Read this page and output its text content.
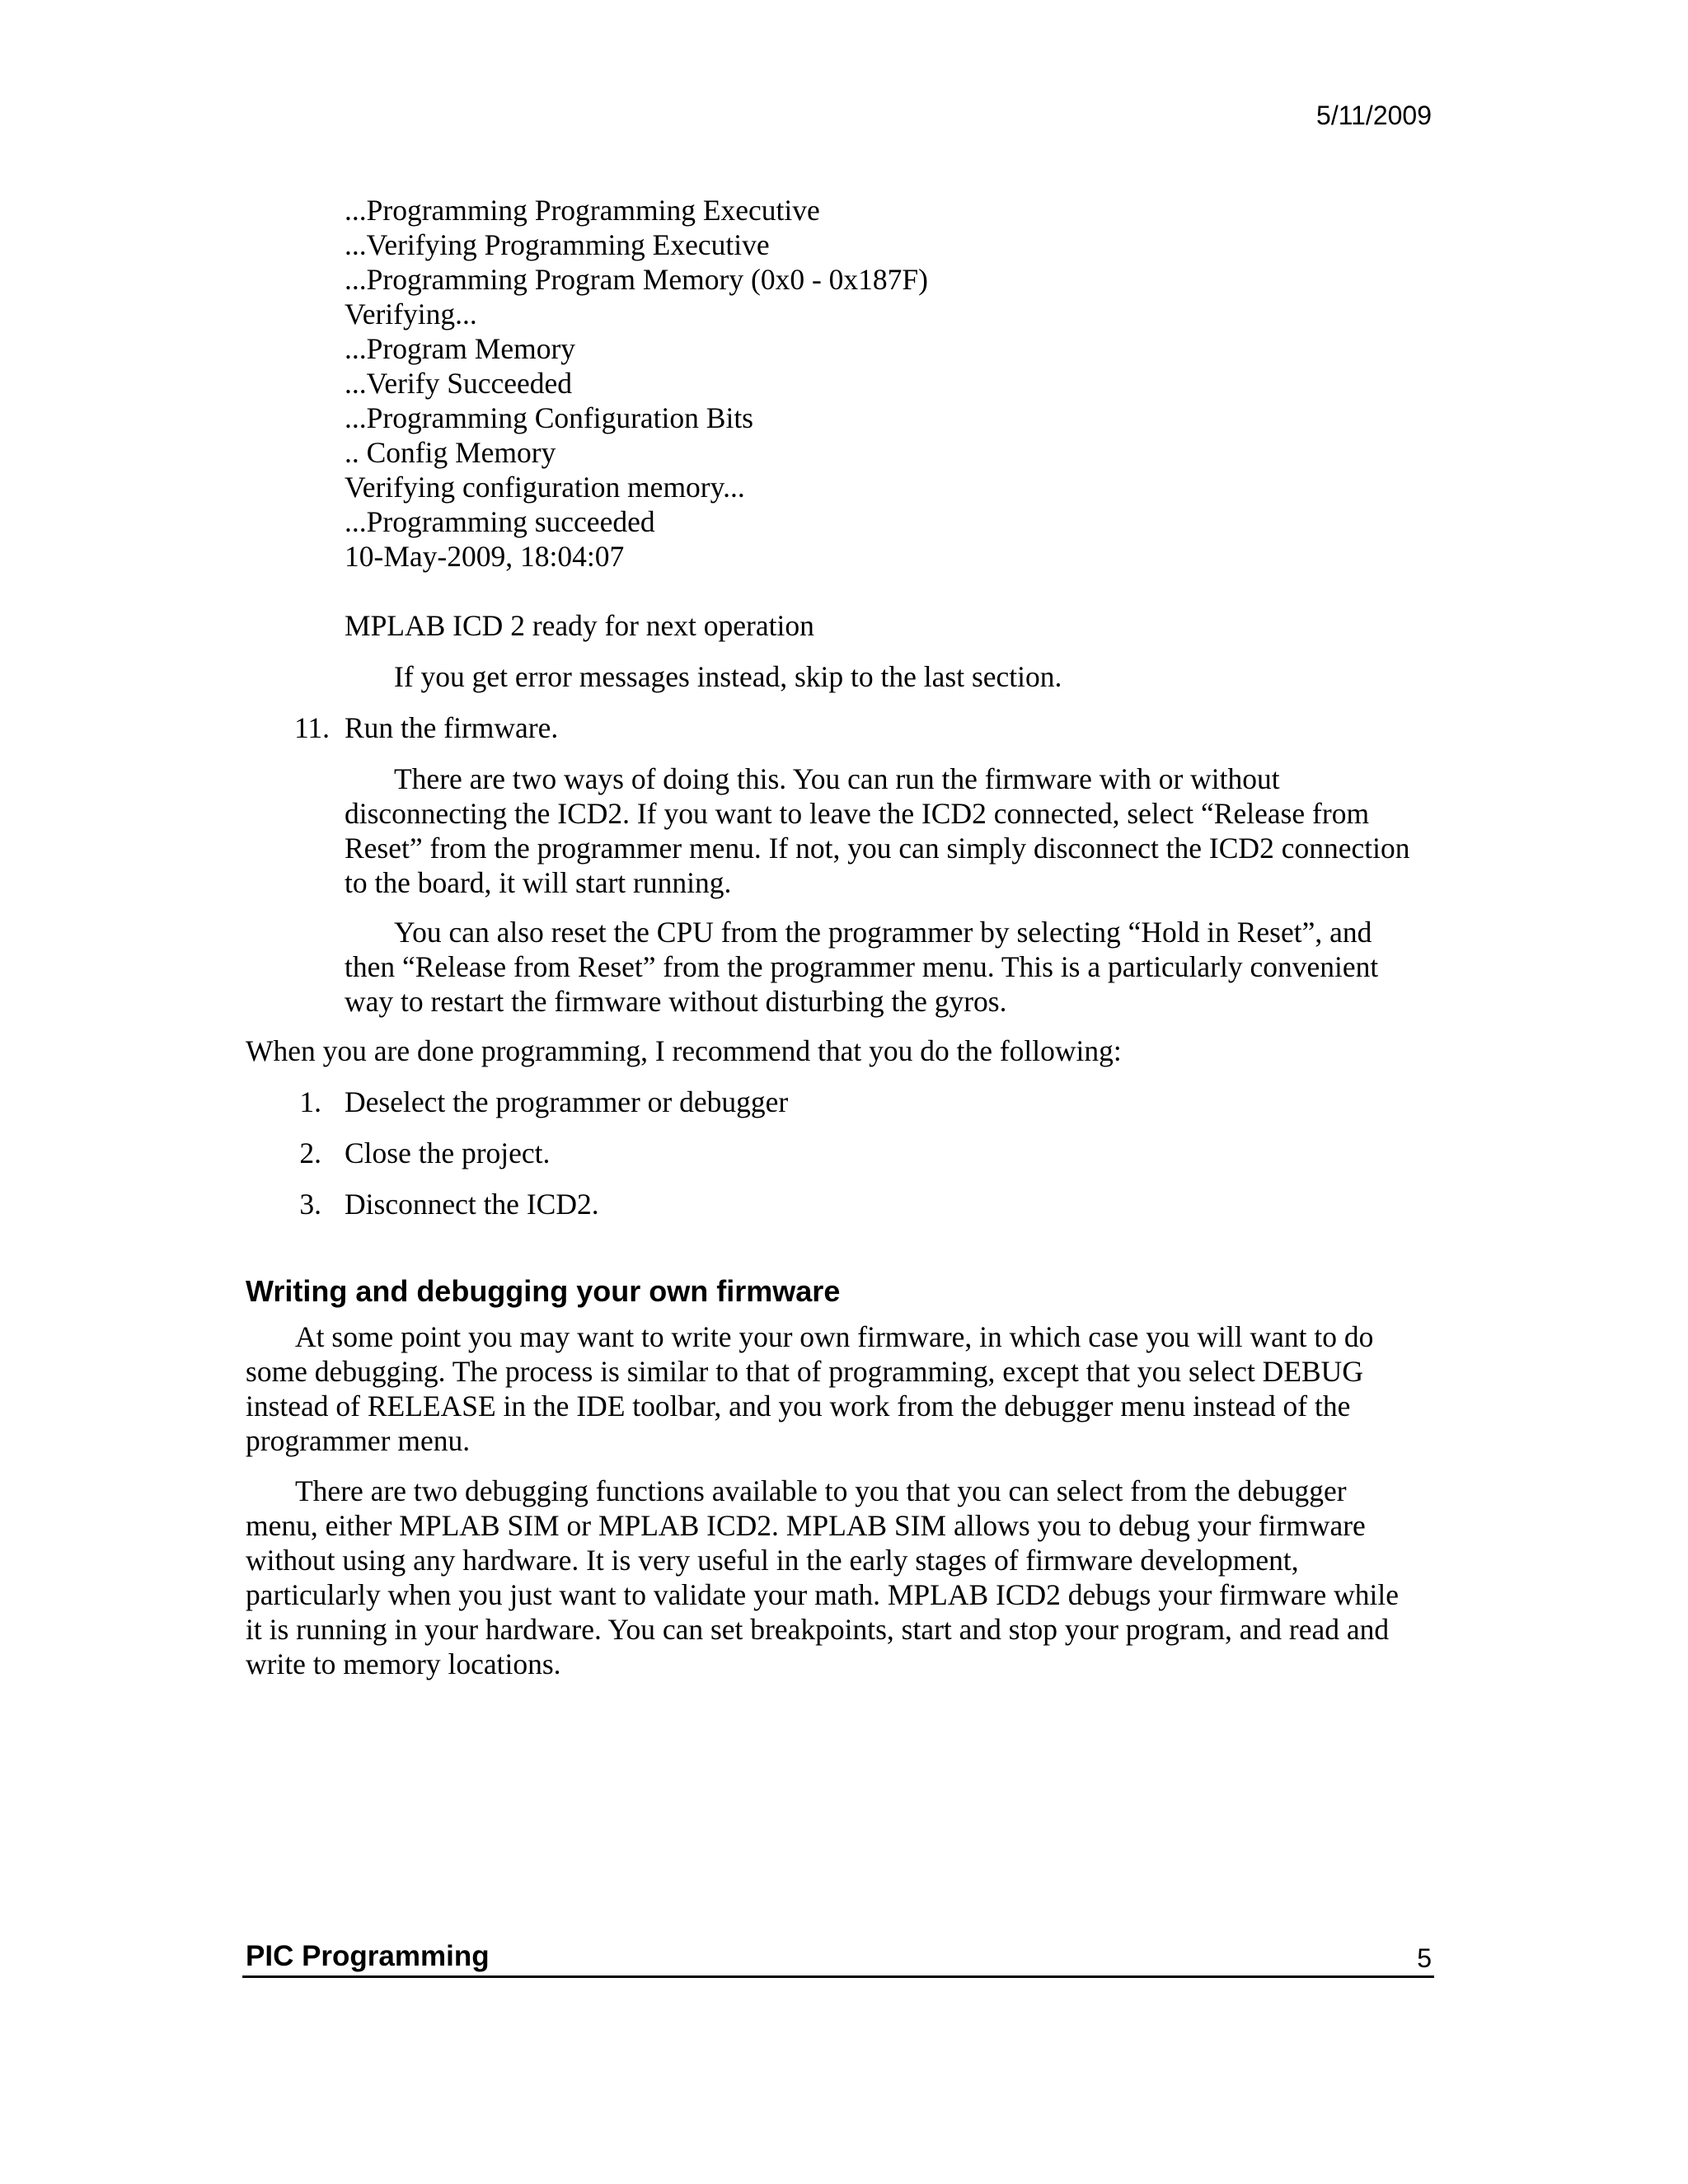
5/11/2009
...Programming Programming Executive
...Verifying Programming Executive
...Programming Program Memory (0x0 - 0x187F)
Verifying...
...Program Memory
...Verify Succeeded
...Programming Configuration Bits
.. Config Memory
Verifying configuration memory...
...Programming succeeded
10-May-2009, 18:04:07
MPLAB ICD 2 ready for next operation
If you get error messages instead, skip to the last section.
11. Run the firmware.

There are two ways of doing this. You can run the firmware with or without disconnecting the ICD2. If you want to leave the ICD2 connected, select “Release from Reset” from the programmer menu. If not, you can simply disconnect the ICD2 connection to the board, it will start running.

You can also reset the CPU from the programmer by selecting “Hold in Reset”, and then “Release from Reset” from the programmer menu. This is a particularly convenient way to restart the firmware without disturbing the gyros.

When you are done programming, I recommend that you do the following:
1. Deselect the programmer or debugger
2. Close the project.
3. Disconnect the ICD2.
Writing and debugging your own firmware

At some point you may want to write your own firmware, in which case you will want to do some debugging. The process is similar to that of programming, except that you select DEBUG instead of RELEASE in the IDE toolbar, and you work from the debugger menu instead of the programmer menu.

There are two debugging functions available to you that you can select from the debugger menu, either MPLAB SIM or MPLAB ICD2. MPLAB SIM allows you to debug your firmware without using any hardware. It is very useful in the early stages of firmware development, particularly when you just want to validate your math. MPLAB ICD2 debugs your firmware while it is running in your hardware. You can set breakpoints, start and stop your program, and read and write to memory locations.

PIC Programming	5
